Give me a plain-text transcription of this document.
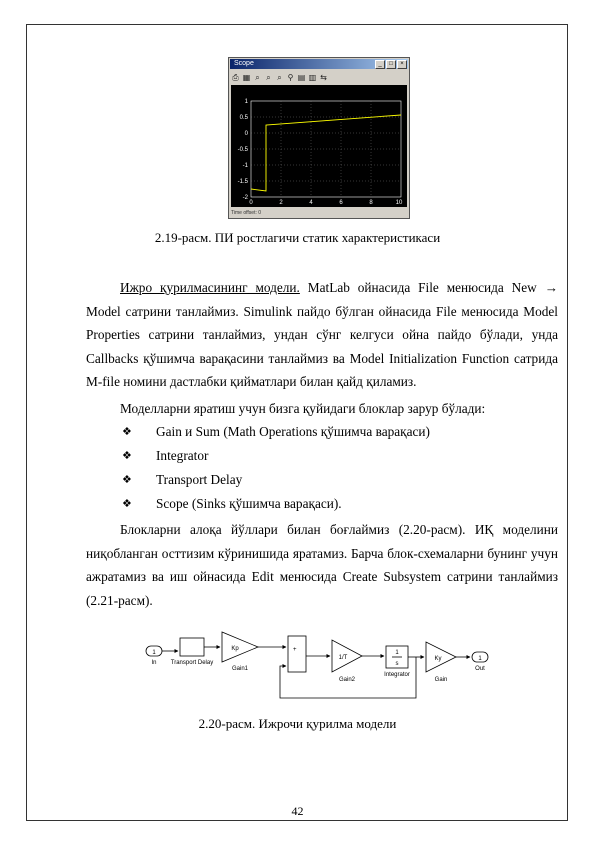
Scope	_	□	×
⎙ ▦ ⌕ ⌕ ⌕ ⚲ ▤ ▥ ⇆
1
0.5
0
-0.5
-1
-1.5
-2
0	2	4	6	8	10
Time offset: 0
2.19-расм. ПИ ростлагичи статик характеристикаси
Ижро қурилмасининг модели. MatLab ойнасида File менюсида New → Model сатрини танлаймиз. Simulink пайдо бўлган ойнасида File менюсида Model Properties сатрини танлаймиз, ундан сўнг келгуси ойна пайдо бўлади, унда Callbacks қўшимча варақасини танлаймиз ва Model Initialization Function сатрида M-file номини дастлабки қийматлари билан қайд қиламиз.
Моделларни яратиш учун бизга қуйидаги блоклар зарур бўлади:
❖ Gain и Sum (Math Operations қўшимча варақаси)
❖ Integrator
❖ Transport Delay
❖ Scope (Sinks қўшимча варақаси).
Блокларни алоқа йўллари билан боғлаймиз (2.20-расм). ИҚ моделини ниқобланган осттизим кўринишида яратамиз. Барча блок-схемаларни бунинг учун ажратамиз ва иш ойнасида Edit менюсида Create Subsystem сатрини танлаймиз (2.21-расм).
1
In Transport Delay
Kp
Gain1
+
1/T
Gain2
1
s
Integrator
Ky
Gain
1
Out
2.20-расм. Ижрочи қурилма модели
42
